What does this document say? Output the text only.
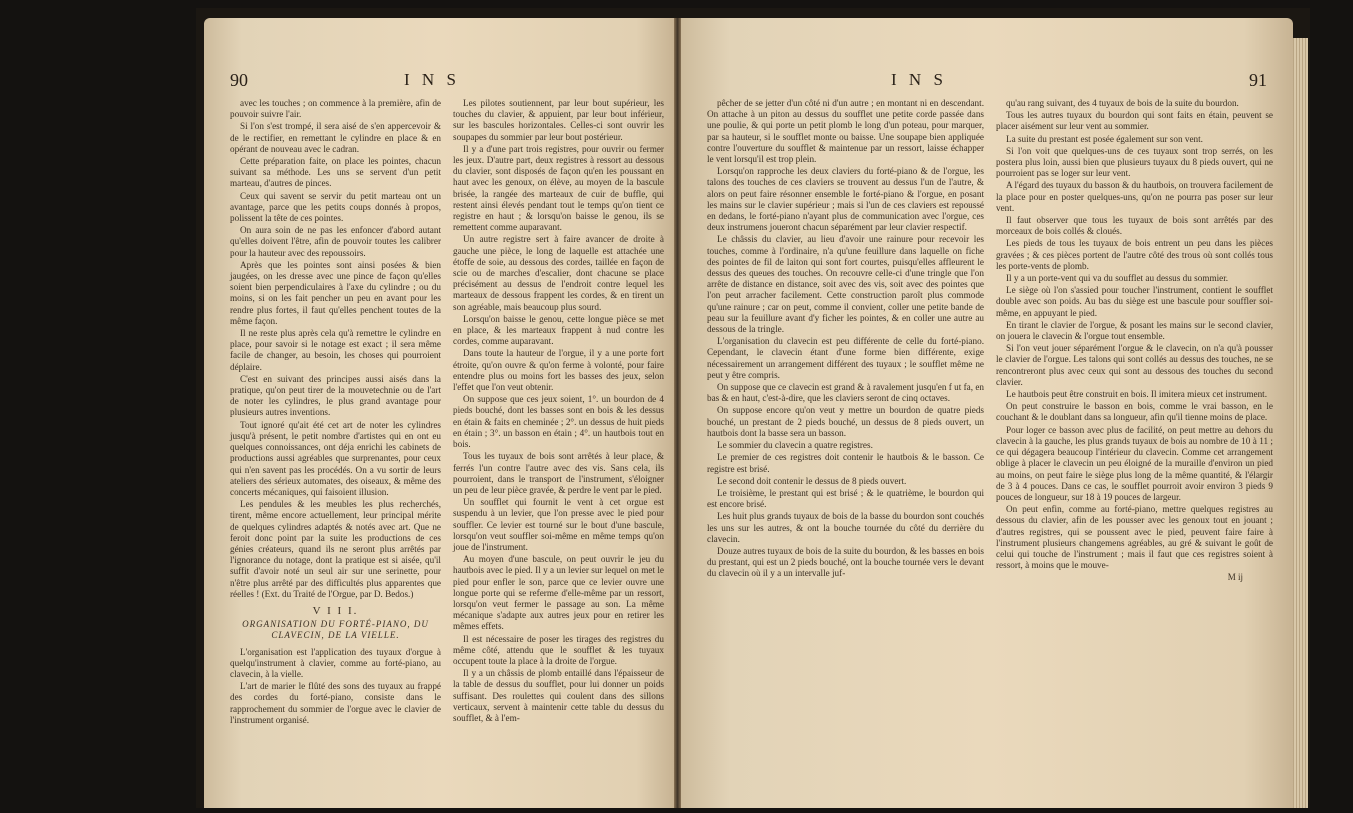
90	I N S

avec les touches ; on commence à la première, afin de pouvoir suivre l'air.

Si l'on s'est trompé, il sera aisé de s'en appercevoir & de le rectifier, en remettant le cylindre en place & en opérant de nouveau avec le cadran.

Cette préparation faite, on place les pointes, chacun suivant sa méthode. Les uns se servent d'un petit marteau, d'autres de pinces.

Ceux qui savent se servir du petit marteau ont un avantage, parce que les petits coups donnés à propos, polissent la tête de ces pointes.

On aura soin de ne pas les enfoncer d'abord autant qu'elles doivent l'être, afin de pouvoir toutes les calibrer pour la hauteur avec des repoussoirs.

Après que les pointes sont ainsi posées & bien jaugées, on les dresse avec une pince de façon qu'elles soient bien perpendiculaires à l'axe du cylindre ; ou du moins, si on les fait pencher un peu en avant pour les rendre plus fortes, il faut qu'elles penchent toutes de la même façon.

Il ne reste plus après cela qu'à remettre le cylindre en place, pour savoir si le notage est exact ; il sera même facile de changer, au besoin, les choses qui pourroient déplaire.

C'est en suivant des principes aussi aisés dans la pratique, qu'on peut tirer de la mouvetechnie ou de l'art de noter les cylindres, le plus grand avantage pour plusieurs autres inventions.

Tout ignoré qu'ait été cet art de noter les cylindres jusqu'à présent, le petit nombre d'artistes qui en ont eu quelques connoissances, ont déja enrichi les cabinets de productions aussi agréables que surprenantes, pour ceux qui n'en savent pas les procédés. On a vu sortir de leurs ateliers des sérieux automates, des oiseaux, & même des concerts mécaniques, qui faisoient illusion.

Les pendules & les meubles les plus recherchés, tirent, même encore actuellement, leur principal mérite de quelques cylindres adaptés & notés avec art. Que ne feroit donc point par la suite les productions de ces génies créateurs, quand ils ne seront plus arrêtés par l'ignorance du notage, dont la pratique est si aisée, qu'il suffit d'avoir noté un seul air sur une serinette, pour n'être plus arrêté par des difficultés plus apparentes que réelles ! (Ext. du Traité de l'Orgue, par D. Bedos.)

V I I I.
ORGANISATION DU FORTÉ-PIANO, DU CLAVECIN, DE LA VIELLE.

L'organisation est l'application des tuyaux d'orgue à quelqu'instrument à clavier, comme au forté-piano, au clavecin, à la vielle.

L'art de marier le flûté des sons des tuyaux au frappé des cordes du forté-piano, consiste dans le rapprochement du sommier de l'orgue avec le clavier de l'instrument organisé.

Les pilotes soutiennent, par leur bout supérieur, les touches du clavier, & appuient, par leur bout inférieur, sur les bascules horizontales. Celles-ci sont ouvrir les soupapes du sommier par leur bout postérieur.

Il y a d'une part trois registres, pour ouvrir ou fermer les jeux. D'autre part, deux registres à ressort au dessous du clavier, sont disposés de façon qu'en les poussant en haut avec les genoux, on élève, au moyen de la bascule brisée, la rangée des marteaux de cuir de buffle, qui restent ainsi élevés pendant tout le temps qu'on tient ce registre en haut ; & lorsqu'on baisse le genou, ils se remettent comme auparavant.

Un autre registre sert à faire avancer de droite à gauche une pièce, le long de laquelle est attachée une étoffe de soie, au dessous des cordes, taillée en façon de scie ou de marches d'escalier, dont chacune se place précisément au dessus de l'endroit contre lequel les marteaux de dessous frappent les cordes, & en tirent un son agréable, mais beaucoup plus sourd.

Lorsqu'on baisse le genou, cette longue pièce se met en place, & les marteaux frappent à nud contre les cordes, comme auparavant.

Dans toute la hauteur de l'orgue, il y a une porte fort étroite, qu'on ouvre & qu'on ferme à volonté, pour faire entendre plus ou moins fort les basses des jeux, selon l'effet que l'on veut obtenir.

On suppose que ces jeux soient, 1°. un bourdon de 4 pieds bouché, dont les basses sont en bois & les dessus en étain & faits en cheminée ; 2°. un dessus de huit pieds en étain ; 3°. un basson en étain ; 4°. un hautbois tout en bois.

Tous les tuyaux de bois sont arrêtés à leur place, & ferrés l'un contre l'autre avec des vis. Sans cela, ils pourroient, dans le transport de l'instrument, s'éloigner un peu de leur pièce gravée, & perdre le vent par le pied.

Un soufflet qui fournit le vent à cet orgue est suspendu à un levier, que l'on presse avec le pied pour souffler. Ce levier est tourné sur le bout d'une bascule, lorsqu'on veut souffler soi-même en même temps qu'on joue de l'instrument.

Au moyen d'une bascule, on peut ouvrir le jeu du hautbois avec le pied. Il y a un levier sur lequel on met le pied pour enfler le son, parce que ce levier ouvre une longue porte qui se referme d'elle-même par un ressort, lorsqu'on veut fermer le passage au son. La même mécanique s'adapte aux autres jeux pour en retirer les mêmes effets.

Il est nécessaire de poser les tirages des registres du même côté, attendu que le soufflet & les tuyaux occupent toute la place à la droite de l'orgue.

Il y a un châssis de plomb entaillé dans l'épaisseur de la table de dessus du soufflet, pour lui donner un poids suffisant. Des roulettes qui coulent dans des sillons verticaux, servent à maintenir cette table du dessus du soufflet, & à l'em-

I N S	91

pêcher de se jetter d'un côté ni d'un autre ; en montant ni en descendant. On attache à un piton au dessus du soufflet une petite corde passée dans une poulie, & qui porte un petit plomb le long d'un poteau, pour marquer, par sa hauteur, si le soufflet monte ou baisse. Une soupape bien appliquée contre l'ouverture du soufflet & maintenue par un ressort, laisse échapper le vent lorsqu'il est trop plein.

Lorsqu'on rapproche les deux claviers du forté-piano & de l'orgue, les talons des touches de ces claviers se trouvent au dessus l'un de l'autre, & alors on peut faire résonner ensemble le forté-piano & l'orgue, en posant les mains sur le clavier supérieur ; mais si l'un de ces claviers est repoussé en dedans, le forté-piano n'ayant plus de communication avec l'orgue, ces deux instrumens joueront chacun séparément par leur clavier respectif.

Le châssis du clavier, au lieu d'avoir une rainure pour recevoir les touches, comme à l'ordinaire, n'a qu'une feuillure dans laquelle on fiche des pointes de fil de laiton qui sont fort courtes, puisqu'elles affleurent le dessus des queues des touches. On recouvre celle-ci d'une tringle que l'on arrête de distance en distance, soit avec des vis, soit avec des pointes que l'on peut arracher facilement. Cette construction paroît plus commode qu'une rainure ; car on peut, comme il convient, coller une petite bande de peau sur la feuillure avant d'y ficher les pointes, & en coller une autre au dessous de la tringle.

L'organisation du clavecin est peu différente de celle du forté-piano. Cependant, le clavecin étant d'une forme bien différente, exige nécessairement un arrangement différent des tuyaux ; le soufflet même ne peut y être compris.

On suppose que ce clavecin est grand & à ravalement jusqu'en f ut fa, en bas & en haut, c'est-à-dire, que les claviers seront de cinq octaves.

On suppose encore qu'on veut y mettre un bourdon de quatre pieds bouché, un prestant de 2 pieds bouché, un dessus de 8 pieds ouvert, un hautbois dont la basse sera un basson.

Le sommier du clavecin a quatre registres.

Le premier de ces registres doit contenir le hautbois & le basson. Ce registre est brisé.

Le second doit contenir le dessus de 8 pieds ouvert.

Le troisième, le prestant qui est brisé ; & le quatrième, le bourdon qui est encore brisé.

Les huit plus grands tuyaux de bois de la basse du bourdon sont couchés les uns sur les autres, & ont la bouche tournée du côté du derrière du clavecin.

Douze autres tuyaux de bois de la suite du bourdon, & les basses en bois du prestant, qui est un 2 pieds bouché, ont la bouche tournée vers le devant du clavecin où il y a un intervalle juf-

qu'au rang suivant, des 4 tuyaux de bois de la suite du bourdon.

Tous les autres tuyaux du bourdon qui sont faits en étain, peuvent se placer aisément sur leur vent au sommier.

La suite du prestant est posée également sur son vent.

Si l'on voit que quelques-uns de ces tuyaux sont trop serrés, on les postera plus loin, aussi bien que plusieurs tuyaux du 8 pieds ouvert, qui ne pourroient pas se loger sur leur vent.

A l'égard des tuyaux du basson & du hautbois, on trouvera facilement de la place pour en poster quelques-uns, qu'on ne pourra pas poser sur leur vent.

Il faut observer que tous les tuyaux de bois sont arrêtés par des morceaux de bois collés & cloués.

Les pieds de tous les tuyaux de bois entrent un peu dans les pièces gravées ; & ces pièces portent de l'autre côté des trous où sont collés tous les porte-vents de plomb.

Il y a un porte-vent qui va du soufflet au dessus du sommier.

Le siège où l'on s'assied pour toucher l'instrument, contient le soufflet double avec son poids. Au bas du siège est une bascule pour souffler soi-même, en appuyant le pied.

En tirant le clavier de l'orgue, & posant les mains sur le second clavier, on jouera le clavecin & l'orgue tout ensemble.

Si l'on veut jouer séparément l'orgue & le clavecin, on n'a qu'à pousser le clavier de l'orgue. Les talons qui sont collés au dessus des touches, ne se rencontreront plus avec ceux qui sont au dessous des touches du second clavier.

Le hautbois peut être construit en bois. Il imitera mieux cet instrument.

On peut construire le basson en bois, comme le vrai basson, en le couchant & le doublant dans sa longueur, afin qu'il tienne moins de place.

Pour loger ce basson avec plus de facilité, on peut mettre au dehors du clavecin à la gauche, les plus grands tuyaux de bois au nombre de 10 à 11 ; ce qui dégagera beaucoup l'intérieur du clavecin. Comme cet arrangement oblige à placer le clavecin un peu éloigné de la muraille d'environ un pied au moins, on peut faire le siège plus long de la même quantité, & l'élargir de 3 à 4 pouces. Dans ce cas, le soufflet pourroit avoir environ 3 pieds 9 pouces de longueur, sur 18 à 19 pouces de largeur.

On peut enfin, comme au forté-piano, mettre quelques registres au dessous du clavier, afin de les pousser avec les genoux tout en jouant ; d'autres registres, qui se poussent avec le pied, peuvent faire faire à l'instrument plusieurs changemens agréables, au gré & suivant le goût de celui qui touche de l'instrument ; mais il faut que ces registres soient à ressort, à moins que le mouve-

M ij
